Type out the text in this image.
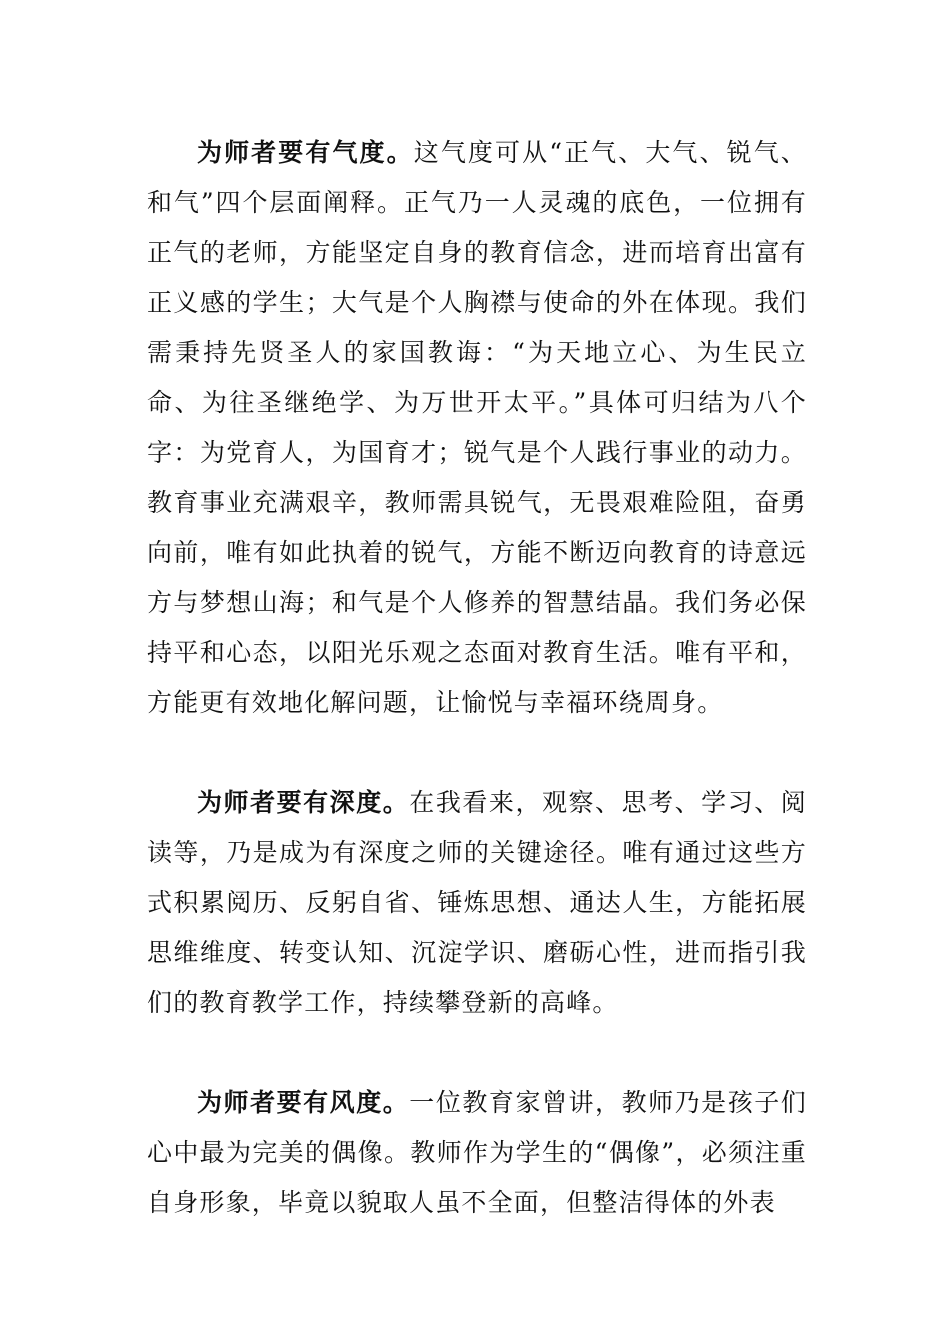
为师者要有气度。这气度可从“正气、大气、锐气、和气”四个层面阐释。正气乃一人灵魂的底色，一位拥有正气的老师，方能坚定自身的教育信念，进而培育出富有正义感的学生；大气是个人胸襟与使命的外在体现。我们需秉持先贤圣人的家国教诲：“为天地立心、为生民立命、为往圣继绝学、为万世开太平。”具体可归结为八个字：为党育人，为国育才；锐气是个人践行事业的动力。教育事业充满艰辛，教师需具锐气，无畏艰难险阻，奋勇向前，唯有如此执着的锐气，方能不断迈向教育的诗意远方与梦想山海；和气是个人修养的智慧结晶。我们务必保持平和心态，以阳光乐观之态面对教育生活。唯有平和，方能更有效地化解问题，让愉悦与幸福环绕周身。

为师者要有深度。在我看来，观察、思考、学习、阅读等，乃是成为有深度之师的关键途径。唯有通过这些方式积累阅历、反躬自省、锤炼思想、通达人生，方能拓展思维维度、转变认知、沉淀学识、磨砺心性，进而指引我们的教育教学工作，持续攀登新的高峰。

为师者要有风度。一位教育家曾讲，教师乃是孩子们心中最为完美的偶像。教师作为学生的“偶像”，必须注重自身形象，毕竟以貌取人虽不全面，但整洁得体的外表
